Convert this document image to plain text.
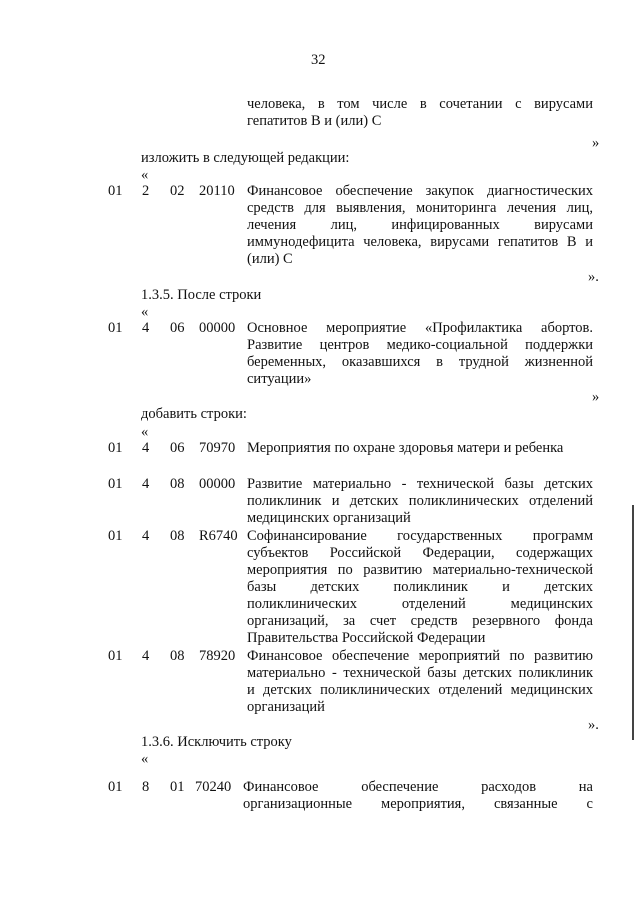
32

человека, в том числе в сочетании с вирусами

гепатитов В и (или) С

»
изложить в следующей редакции:
«
01 2 02 20110 Финансовое обеспечение закупок диагностических

средств для выявления, мониторинга лечения лиц,

лечения лиц, инфицированных вирусами

иммунодефицита человека, вирусами гепатитов В и

(или) С

».
1.3.5. После строки
«
01 4 06 00000 Основное мероприятие «Профилактика абортов.

Развитие центров медико-социальной поддержки

беременных, оказавшихся в трудной жизненной

ситуации»

»
добавить строки:
«
01 4 06 70970 Мероприятия по охране здоровья матери и ребенка

01 4 08 00000 Развитие материально - технической базы детских

поликлиник и детских поликлинических отделений

медицинских организаций

01 4 08 R6740 Софинансирование государственных программ

субъектов Российской Федерации, содержащих

мероприятия по развитию материально-технической

базы детских поликлиник и детских

поликлинических отделений медицинских

организаций, за счет средств резервного фонда

Правительства Российской Федерации

01 4 08 78920 Финансовое обеспечение мероприятий по развитию

материально - технической базы детских поликлиник

и детских поликлинических отделений медицинских

организаций

».
1.3.6. Исключить строку
«
01 8 01 70240 Финансовое обеспечение расходов на

организационные мероприятия, связанные с
